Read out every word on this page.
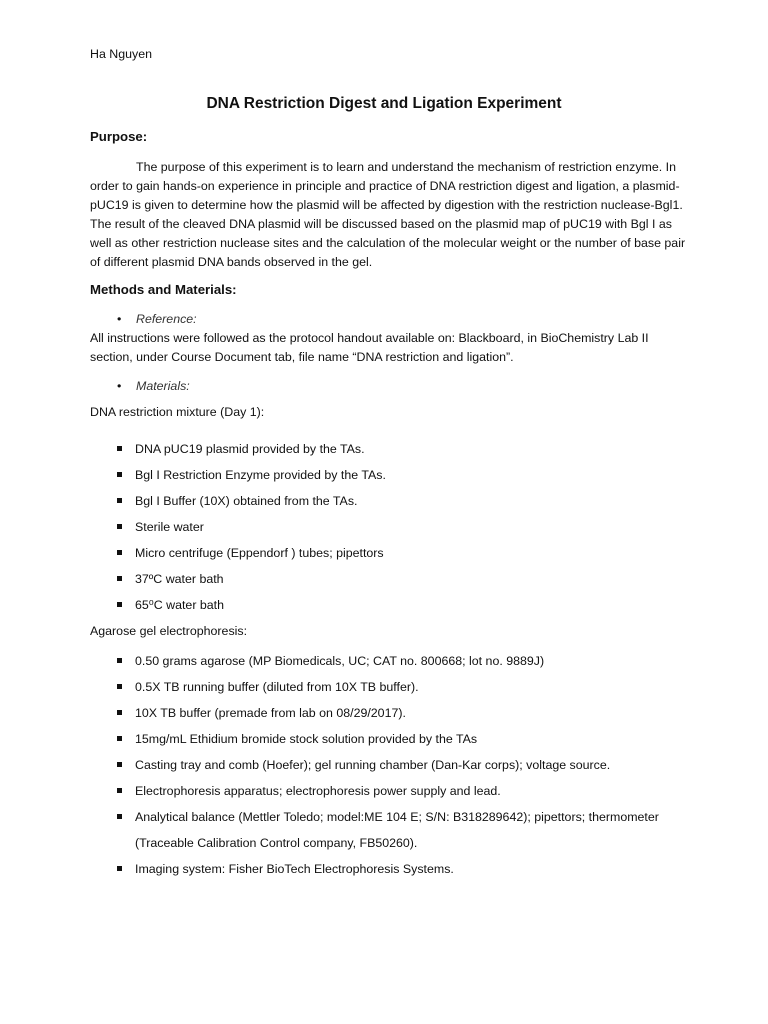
Ha Nguyen
DNA Restriction Digest and Ligation Experiment
Purpose:
The purpose of this experiment is to learn and understand the mechanism of restriction enzyme. In order to gain hands-on experience in principle and practice of DNA restriction digest and ligation, a plasmid-pUC19 is given to determine how the plasmid will be affected by digestion with the restriction nuclease-Bgl1. The result of the cleaved DNA plasmid will be discussed based on the plasmid map of pUC19 with Bgl I as well as other restriction nuclease sites and the calculation of the molecular weight or the number of base pair of different plasmid DNA bands observed in the gel.
Methods and Materials:
• Reference:
All instructions were followed as the protocol handout available on: Blackboard, in BioChemistry Lab II
section, under Course Document tab, file name “DNA restriction and ligation”.
• Materials:
DNA restriction mixture (Day 1):
DNA pUC19 plasmid provided by the TAs.
Bgl I Restriction Enzyme provided by the TAs.
Bgl I Buffer (10X) obtained from the TAs.
Sterile water
Micro centrifuge (Eppendorf ) tubes; pipettors
37ºC water bath
65⁰C water bath
Agarose gel electrophoresis:
0.50 grams agarose (MP Biomedicals, UC; CAT no. 800668; lot no. 9889J)
0.5X TB running buffer (diluted from 10X TB buffer).
10X TB buffer (premade from lab on 08/29/2017).
15mg/mL Ethidium bromide stock solution provided by the TAs
Casting tray and comb (Hoefer); gel running chamber (Dan-Kar corps); voltage source.
Electrophoresis apparatus; electrophoresis power supply and lead.
Analytical balance (Mettler Toledo; model:ME 104 E; S/N: B318289642); pipettors; thermometer
(Traceable Calibration Control company, FB50260).
Imaging system: Fisher BioTech Electrophoresis Systems.
